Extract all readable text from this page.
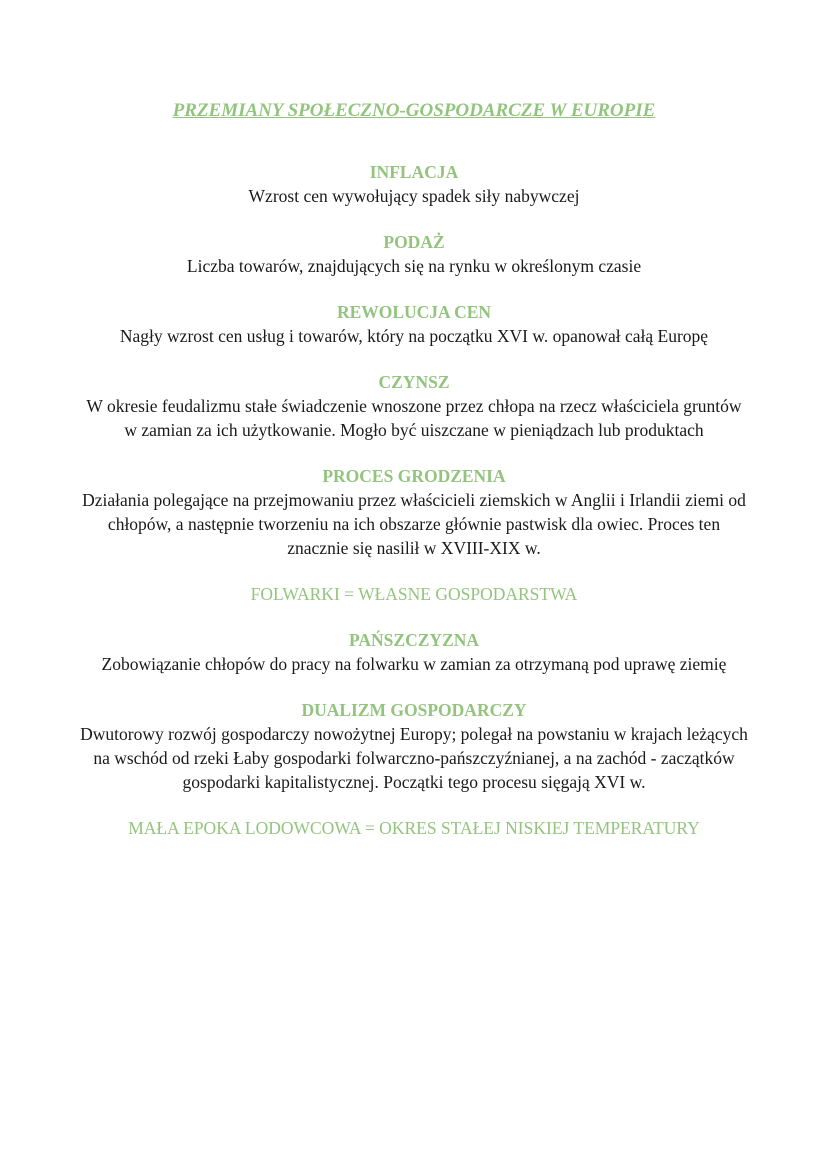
PRZEMIANY SPOŁECZNO-GOSPODARCZE W EUROPIE

INFLACJA

Wzrost cen wywołujący spadek siły nabywczej

PODAŻ

Liczba towarów, znajdujących się na rynku w określonym czasie

REWOLUCJA CEN

Nagły wzrost cen usług i towarów, który na początku XVI w. opanował całą Europę

CZYNSZ

W okresie feudalizmu stałe świadczenie wnoszone przez chłopa na rzecz właściciela gruntów w zamian za ich użytkowanie. Mogło być uiszczane w pieniądzach lub produktach

PROCES GRODZENIA

Działania polegające na przejmowaniu przez właścicieli ziemskich w Anglii i Irlandii ziemi od chłopów, a następnie tworzeniu na ich obszarze głównie pastwisk dla owiec. Proces ten znacznie się nasilił w XVIII-XIX w.

FOLWARKI = WŁASNE GOSPODARSTWA

PAŃSZCZYZNA

Zobowiązanie chłopów do pracy na folwarku w zamian za otrzymaną pod uprawę ziemię

DUALIZM GOSPODARCZY

Dwutorowy rozwój gospodarczy nowożytnej Europy; polegał na powstaniu w krajach leżących na wschód od rzeki Łaby gospodarki folwarczno-pańszczyźnianej, a na zachód - zaczątków gospodarki kapitalistycznej. Początki tego procesu sięgają XVI w.

MAŁA EPOKA LODOWCOWA = OKRES STAŁEJ NISKIEJ TEMPERATURY
